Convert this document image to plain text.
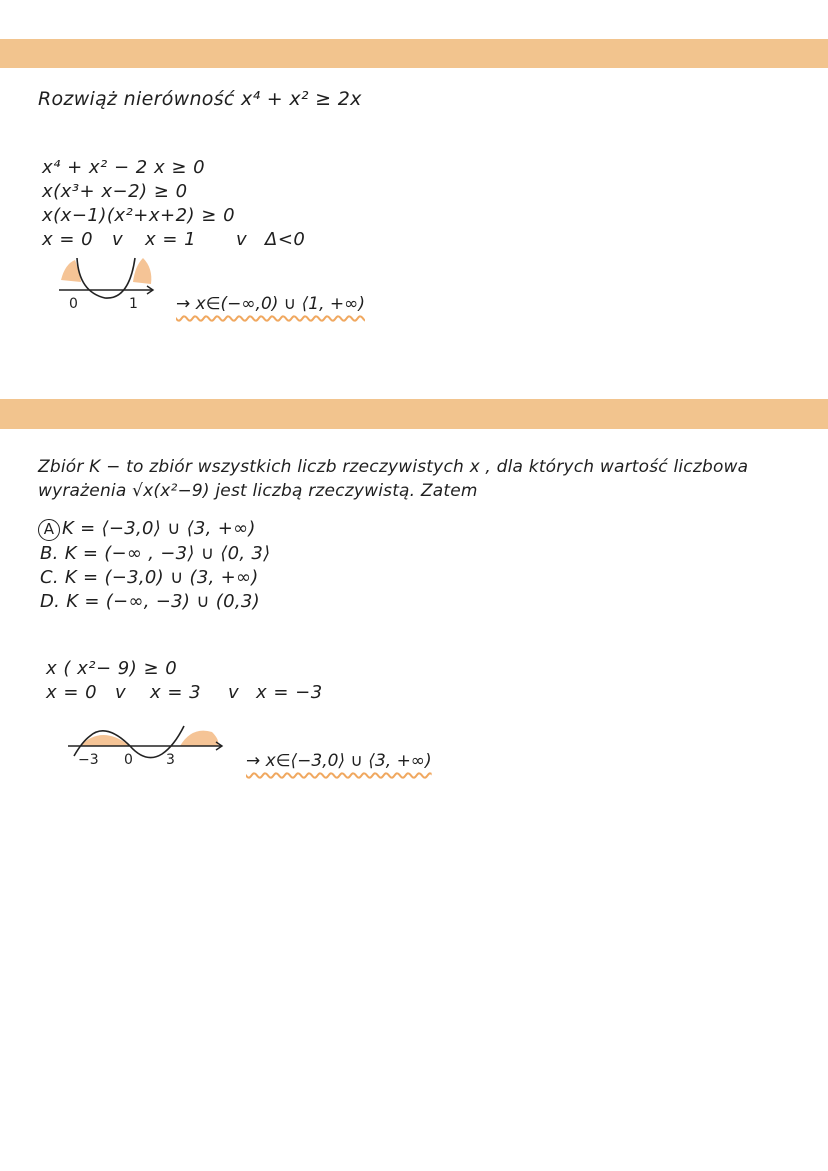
Rozwiąż nierówność x⁴ + x² ≥ 2x
x⁴ + x² − 2 x ≥ 0
x(x³+ x−2) ≥ 0
x(x−1)(x²+x+2) ≥ 0
x = 0 v x = 1 v Δ<0
0	1 → x∈(−∞,0) ∪ ⟨1, +∞)
Zbiór K − to zbiór wszystkich liczb rzeczywistych x , dla których wartość liczbowa
wyrażenia √x(x²−9) jest liczbą rzeczywistą. Zatem
A K = ⟨−3,0⟩ ∪ ⟨3, +∞)
B. K = (−∞ , −3⟩ ∪ ⟨0, 3⟩
C. K = (−3,0) ∪ (3, +∞)
D. K = (−∞, −3) ∪ (0,3)
x ( x²− 9) ≥ 0
x = 0 v x = 3 v x = −3
−3 0 3	→ x∈⟨−3,0⟩ ∪ ⟨3, +∞)
